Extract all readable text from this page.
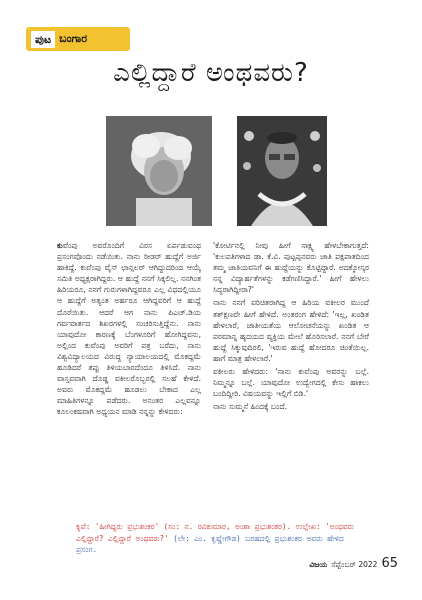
ಪುಟ ಬಂಗಾರ
ಎಲ್ಲಿದ್ದಾರೆ ಅಂಥವರು?

ಕುವೆಂಪು ಅವರೊಂದಿಗೆ ವಿರಸ ಏರ್ಪಡುವಂಥ ಪ್ರಸಂಗವೊಂದು ನಡೆಯಿತು. ನಾನು ರೀಡರ್ ಹುದ್ದೆಗೆ ಅರ್ಜಿ ಹಾಕಿದ್ದೆ. ಕುವೆಂಪು ವೈಸ್ ಛಾನ್ಸಲರ್ ಆಗಿದ್ದುದರಿಂದ ಆಯ್ಕೆ ಸಮಿತಿ ಅಧ್ಯಕ್ಷರಾಗಿದ್ದರು. ಆ ಹುದ್ದೆ ನನಗೆ ಸಿಕ್ಕಲಿಲ್ಲ. ನನಗಿಂತ ಹಿರಿಯರೂ, ನನಗೆ ಗುರುಗಳಾಗಿದ್ದವರೂ ಎಲ್ಲ ವಿಧದಲ್ಲಿಯೂ ಆ ಹುದ್ದೆಗೆ ಅತ್ಯಂತ ಅರ್ಹರೂ ಆಗಿದ್ದವರಿಗೆ ಆ ಹುದ್ದೆ ದೊರೆಯಿತು. ಆದರೆ ಆಗ ನಾನು ಪಿಎಚ್.ಡಿಯ ಗರ್ವವಾರ್ತದ ಶಿಖರಗಳಲ್ಲಿ ಸಂಚರಿಸುತ್ತಿದ್ದೆನು. ನಾನು ಯಾವುದೋ ಕಾರಣಕ್ಕೆ ಬೆಂಗಳೂರಿಗೆ ಹೋಗಿದ್ದವನು, ಅಲ್ಲಿಂದ ಕುವೆಂಪು ಅವರಿಗೆ ಪತ್ರ ಬರೆದು, ನಾನು ವಿಶ್ವವಿದ್ಯಾಲಯದ ವಿರುದ್ಧ ನ್ಯಾಯಾಲಯದಲ್ಲಿ ಮೊಕದ್ದಮೆ ಹೂಡಿದರೆ ತಪ್ಪು ತಿಳಿಯಬಾರದೆಂದೂ ತಿಳಿಸಿದೆ. ನಾನು ವಾಸ್ತವವಾಗಿ ದೊಡ್ಡ ವಕೀಲರೊಬ್ಬರಲ್ಲಿ ಸಲಹೆ ಕೇಳಿದೆ. ಅವರು ಮೊಕದ್ದಮೆ ಹೂಡಲು ಬೇಕಾದ ಎಲ್ಲ ಮಾಹಿತಿಗಳನ್ನೂ ಪಡೆದರು. ಅನಂತರ ಎಲ್ಲವನ್ನೂ ಕೂಲಂಕಷವಾಗಿ ಅಧ್ಯಯನ ಮಾಡಿ ನನ್ನನ್ನು ಕೇಳಿದರು:

'ಕೋರ್ಟಿನಲ್ಲಿ ನೀವು ಹೀಗೆ ಸಾಕ್ಷ್ಯ ಹೇಳಬೇಕಾಗುತ್ತದೆ: 'ಕುಲಪತಿಗಳಾದ ಡಾ. ಕೆ.ವಿ. ಪುಟ್ಟಪ್ಪನವರು ಜಾತಿ ಪಕ್ಷಪಾತದಿಂದ ತಮ್ಮ ಜಾತಿಯವನಿಗೆ ಈ ಹುದ್ದೆಯನ್ನು ಕೊಟ್ಟಿದ್ದಾರೆ. ಅದಕ್ಕೋಸ್ಕರ ನನ್ನ ವಿದ್ಯಾರ್ಹತೆಗಳನ್ನು ಕಡೆಗಣಿಸಿದ್ದಾರೆ.' ಹೀಗೆ ಹೇಳಲು ಸಿದ್ಧರಾಗಿದ್ದೀರಾ?'

ನಾನು ನನಗೆ ಪರಿಚಿತರಾಗಿದ್ದ ಆ ಹಿರಿಯ ವಕೀಲರ ಮುಂದೆ ತತ್‌ಕ್ಷಣವೇ ಹೀಗೆ ಹೇಳಿದೆ. ಅಂತರಂಗ ಹೇಳಿದೆ: 'ಇಲ್ಲ, ಖಂಡಿತ ಹೇಳಲಾರೆ, ಜಾತೀಯತೆಯ ಆಲೋಚನೆಯನ್ನು ಖಂಡಿತ ಆ ಪರಮಾನ್ನ ಹೃದಯದ ವ್ಯಕ್ತಿಯ ಮೇಲೆ ಹೊರಿಸಲಾರೆ. ನನಗೆ ಬೇರೆ ಹುದ್ದೆ ಸಿಕ್ಕುವುದಿರಲಿ, 'ಇರುವ ಹುದ್ದೆ ಹೋದರೂ ಚಿಂತೆಯಿಲ್ಲ. ಹಾಗೆ ಮಾತ್ರ ಹೇಳಲಾರೆ.'

ವಕೀಲರು ಹೇಳಿದರು: 'ನಾನು ಕುವೆಂಪು ಅವರನ್ನು ಬಲ್ಲೆ. ನಿಮ್ಮನ್ನೂ ಬಲ್ಲೆ. ಯಾವುದೋ ಉದ್ವೇಗದಲ್ಲಿ ಕೇಸು ಹಾಕಲು ಬಂದಿದ್ದೀರಿ. ವಿಷಯವನ್ನು ಇಲ್ಲಿಗೆ ಬಿಡಿ.'

ನಾನು ಸುಮ್ಮನೆ ಹಿಂದಕ್ಕೆ ಬಂದೆ.

ಕೃಪೆ: 'ಹೀಗಿದ್ದರು ಪ್ರಭುಶಂಕರ' (ಸಂ: ನ. ರವಿಕುಮಾರ, ಅಂಶಾ ಪ್ರಭುಶಂಕರ). ಉಲ್ಲೇಖ: 'ಅಂಥವರು ಎಲ್ಲಿದ್ದಾರೆ? ಎಲ್ಲಿದ್ದಾರೆ ಅಂಥವರು?' (ಲೇ: ಎಂ. ಕೃಷ್ಣೇಗೌಡ) ಬರಹದಲ್ಲಿ ಪ್ರಭುಶಂಕರ ಅವರು ಹೇಳಿದ ಪ್ರಸಂಗ.
ವಿಜಯ ಸೆಪ್ಟೆಂಬರ್ 2022 65
